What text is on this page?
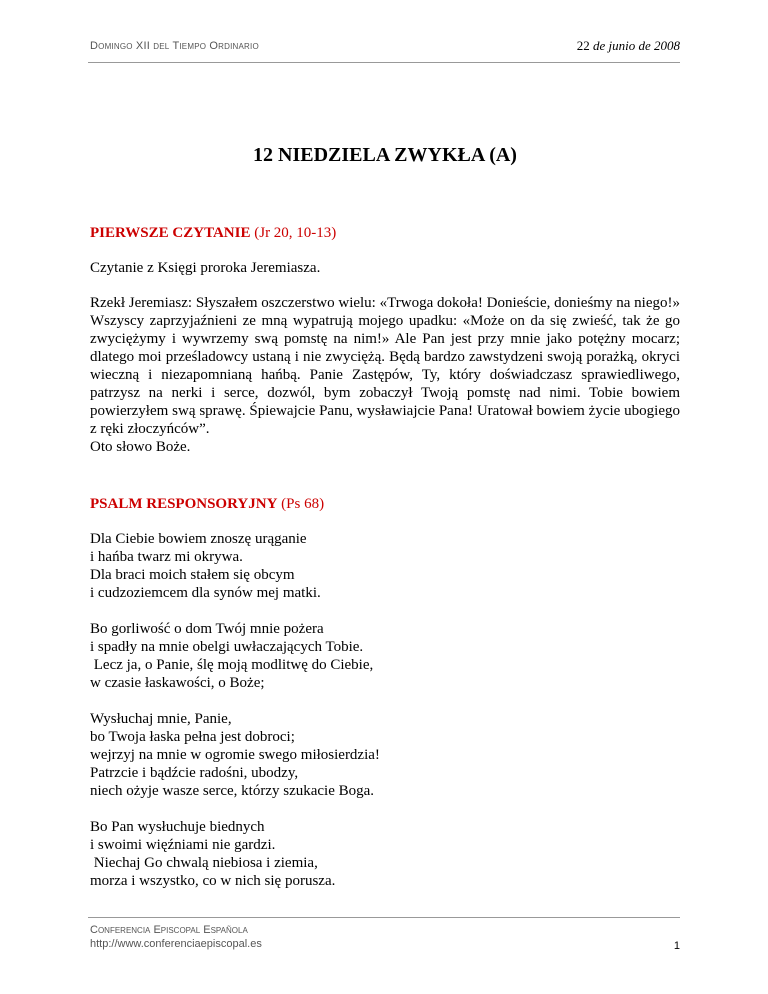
Domingo XII del Tiempo Ordinario	22 de junio de 2008
12 NIEDZIELA ZWYKŁA (A)

PIERWSZE CZYTANIE (Jr 20, 10-13)

Czytanie z Księgi proroka Jeremiasza.

Rzekł Jeremiasz: Słyszałem oszczerstwo wielu: «Trwoga dokoła! Donieście, donieśmy na niego!» Wszyscy zaprzyjaźnieni ze mną wypatrują mojego upadku: «Może on da się zwieść, tak że go zwyciężymy i wywrzemy swą pomstę na nim!» Ale Pan jest przy mnie jako potężny mocarz; dlatego moi prześladowcy ustaną i nie zwyciężą. Będą bardzo zawstydzeni swoją porażką, okryci wieczną i niezapomnianą hańbą. Panie Zastępów, Ty, który doświadczasz sprawiedliwego, patrzysz na nerki i serce, dozwól, bym zobaczył Twoją pomstę nad nimi. Tobie bowiem powierzyłem swą sprawę. Śpiewajcie Panu, wysławiajcie Pana! Uratował bowiem życie ubogiego z ręki złoczyńców”.

Oto słowo Boże.

PSALM RESPONSORYJNY (Ps 68)

Dla Ciebie bowiem znoszę urąganie

i hańba twarz mi okrywa.

Dla braci moich stałem się obcym

i cudzoziemcem dla synów mej matki.

Bo gorliwość o dom Twój mnie pożera

i spadły na mnie obelgi uwłaczających Tobie.

Lecz ja, o Panie, ślę moją modlitwę do Ciebie,

w czasie łaskawości, o Boże;

Wysłuchaj mnie, Panie,

bo Twoja łaska pełna jest dobroci;

wejrzyj na mnie w ogromie swego miłosierdzia!

Patrzcie i bądźcie radośni, ubodzy,

niech ożyje wasze serce, którzy szukacie Boga.

Bo Pan wysłuchuje biednych

i swoimi więźniami nie gardzi.

Niechaj Go chwalą niebiosa i ziemia,

morza i wszystko, co w nich się porusza.

Conferencia Episcopal Española
http://www.conferenciaepiscopal.es	1
